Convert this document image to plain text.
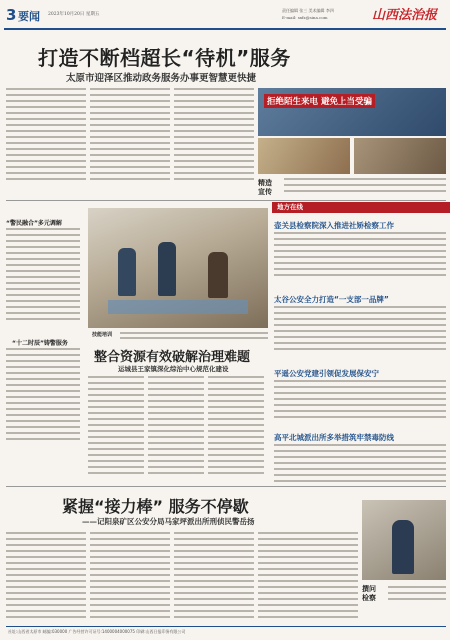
3 要闻 2023年10月20日 星期五
责任编辑 张三 美术编辑 李四
E-mail: sxfz@sina.com	山西法治报
打造不断档超长“待机”服务
太原市迎泽区推动政务服务办事更智慧更快捷
拒绝陌生来电 避免上当受骗
精造
宣传
“警民融合”多元调解
“十二时辰”铸警服务
技能培训
整合资源有效破解治理难题
运城县王家镇深化综治中心规范化建设
地方在线
壶关县检察院深入推进社矫检察工作
太谷公安全力打造“一支部一品牌”
平遥公安党建引领促发展保安宁
高平北城派出所多举措筑牢禁毒防线
紧握“接力棒” 服务不停歇
——记阳泉矿区公安分局马家坪派出所刑侦民警岳扬
撰问
检察
社址:山西省太原市 邮编:030000 广告经营许可证号:1400004000075 印刷:山西日报印务有限公司
